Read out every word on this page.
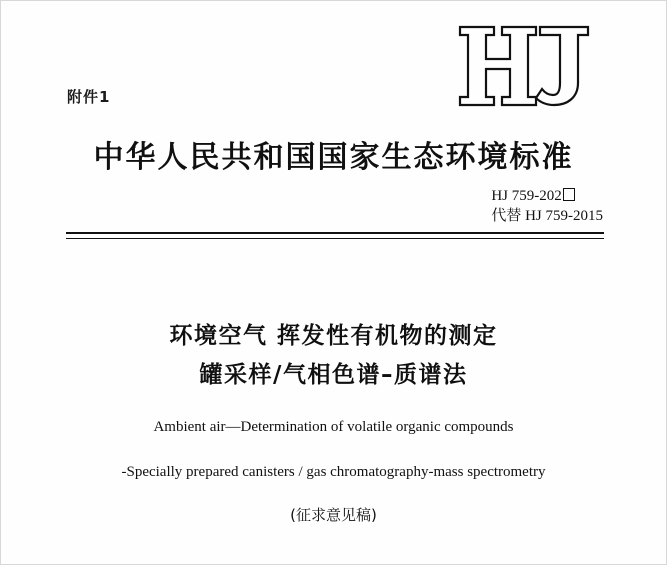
附件1
中华人民共和国国家生态环境标准
HJ 759-202
代替 HJ 759-2015
环境空气 挥发性有机物的测定
罐采样/气相色谱–质谱法
Ambient air—Determination of volatile organic compounds
-Specially prepared canisters / gas chromatography-mass spectrometry
(征求意见稿)
